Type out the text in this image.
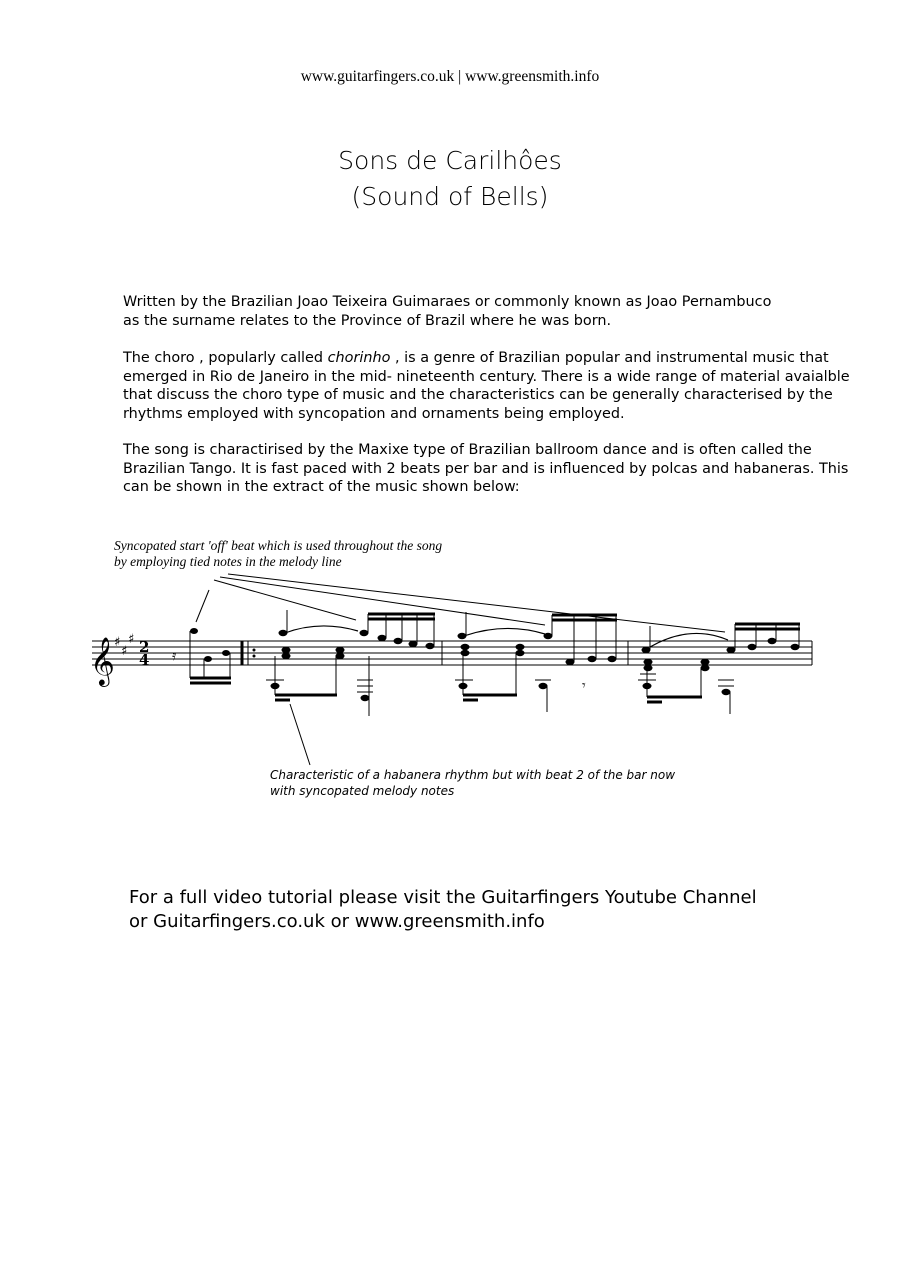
www.guitarfingers.co.uk | www.greensmith.info
Sons de Carilhôes
(Sound of Bells)
Written by the Brazilian Joao Teixeira Guimaraes or commonly known as Joao Pernambuco
as the surname relates to the Province of Brazil where he was born.
The choro , popularly called chorinho , is a genre of Brazilian popular and instrumental music that
emerged in Rio de Janeiro in the mid- nineteenth century. There is a wide range of material avaialble
that discuss the choro type of music and the characteristics can be generally characterised by the
rhythms employed with syncopation and ornaments being employed.
The song is charactirised by the Maxixe type of Brazilian ballroom dance and is often called the
Brazilian Tango. It is fast paced with 2 beats per bar and is influenced by polcas and habaneras. This
can be shown in the extract of the music shown below:
Syncopated start 'off' beat which is used throughout the song
by employing tied notes in the melody line
Characteristic of a habanera rhythm but with beat 2 of the bar now
with syncopated melody notes
𝄞 ♯
♯
♯ 2
4 𝄿
𝄾
For a full video tutorial please visit the Guitarfingers Youtube Channel
or Guitarfingers.co.uk or www.greensmith.info
